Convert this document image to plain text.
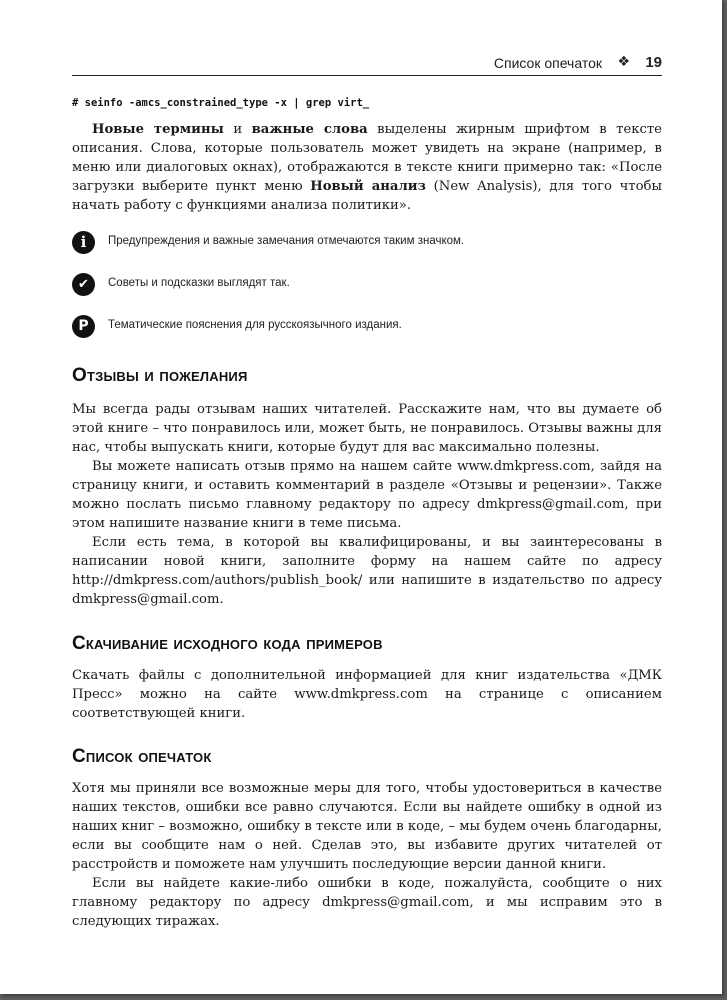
Список опечаток ❖ 19
# seinfo -amcs_constrained_type -x | grep virt_
Новые термины и важные слова выделены жирным шрифтом в тексте описания. Слова, которые пользователь может увидеть на экране (например, в меню или диалоговых окнах), отображаются в тексте книги примерно так: «После загрузки выберите пункт меню Новый анализ (New Analysis), для того чтобы начать работу с функциями анализа политики».
i	Предупреждения и важные замечания отмечаются таким значком.
✔	Советы и подсказки выглядят так.
P	Тематические пояснения для русскоязычного издания.
Отзывы и пожелания
Мы всегда рады отзывам наших читателей. Расскажите нам, что вы думаете об этой книге – что понравилось или, может быть, не понравилось. Отзывы важны для нас, чтобы выпускать книги, которые будут для вас максимально полезны.
Вы можете написать отзыв прямо на нашем сайте www.dmkpress.com, зайдя на страницу книги, и оставить комментарий в разделе «Отзывы и рецензии». Также можно послать письмо главному редактору по адресу dmkpress@gmail.com, при этом напишите название книги в теме письма.
Если есть тема, в которой вы квалифицированы, и вы заинтересованы в написании новой книги, заполните форму на нашем сайте по адресу http://dmkpress.com/authors/publish_book/ или напишите в издательство по адресу dmkpress@gmail.com.
Скачивание исходного кода примеров
Скачать файлы с дополнительной информацией для книг издательства «ДМК Пресс» можно на сайте www.dmkpress.com на странице с описанием соответствующей книги.
Список опечаток
Хотя мы приняли все возможные меры для того, чтобы удостовериться в качестве наших текстов, ошибки все равно случаются. Если вы найдете ошибку в одной из наших книг – возможно, ошибку в тексте или в коде, – мы будем очень благодарны, если вы сообщите нам о ней. Сделав это, вы избавите других читателей от расстройств и поможете нам улучшить последующие версии данной книги.
Если вы найдете какие-либо ошибки в коде, пожалуйста, сообщите о них главному редактору по адресу dmkpress@gmail.com, и мы исправим это в следующих тиражах.
